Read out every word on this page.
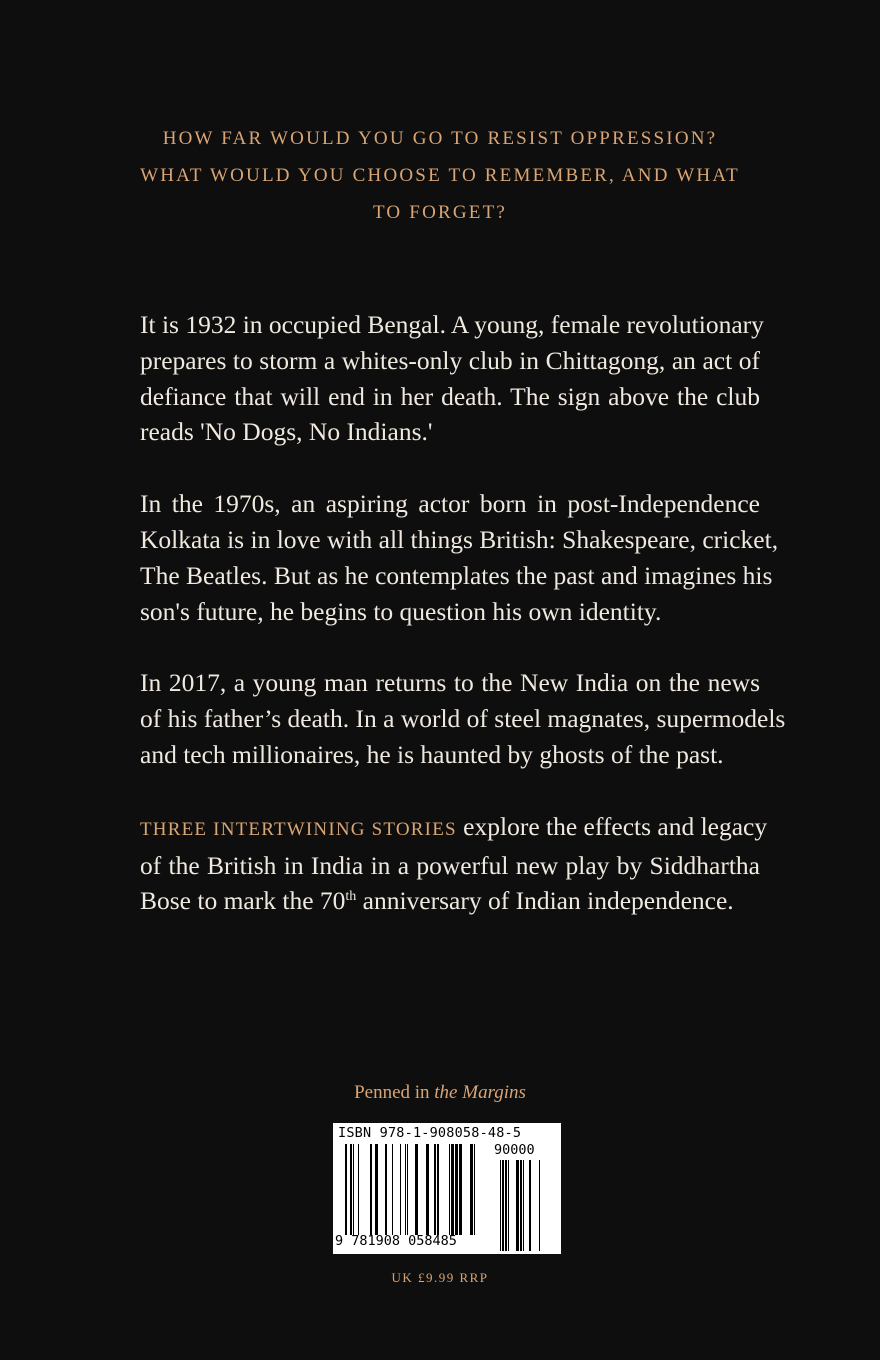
HOW FAR WOULD YOU GO TO RESIST OPPRESSION?
WHAT WOULD YOU CHOOSE TO REMEMBER, AND WHAT
TO FORGET?

It is 1932 in occupied Bengal. A young, female revolutionary
prepares to storm a whites-only club in Chittagong, an act of
defiance that will end in her death. The sign above the club
reads 'No Dogs, No Indians.'

In the 1970s, an aspiring actor born in post-Independence
Kolkata is in love with all things British: Shakespeare, cricket,
The Beatles. But as he contemplates the past and imagines his
son's future, he begins to question his own identity.

In 2017, a young man returns to the New India on the news
of his father’s death. In a world of steel magnates, supermodels
and tech millionaires, he is haunted by ghosts of the past.

THREE INTERTWINING STORIES explore the effects and legacy
of the British in India in a powerful new play by Siddhartha
Bose to mark the 70th anniversary of Indian independence.

Penned in the Margins
ISBN 978-1-908058-48-5
90000
9 781908 058485
UK £9.99 RRP
